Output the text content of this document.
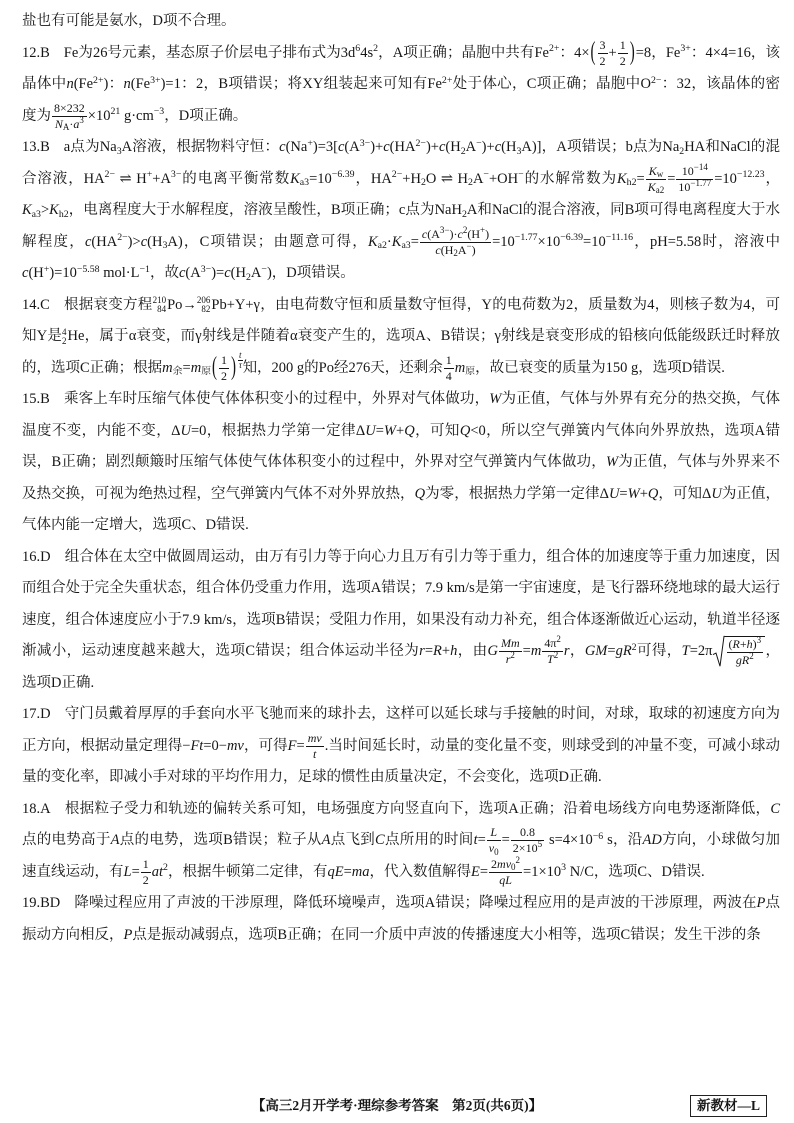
盐也有可能是氨水，D项不合理。

12.B Fe为26号元素，基态原子价层电子排布式为$3d^64s^2$，A项正确；晶胞中共有$Fe^{2+}$：$4\times( \frac{3}{2} + \frac{1}{2} )=8$，$Fe^{3+}$：4×4=16，该晶体中$n(Fe^{2+})$：$n(Fe^{3+})=1$：2，B项错误；将XY组装起来可知有$Fe^{2+}$处于体心，C项正确；晶胞中$O^{2-}$：32，该晶体的密度为 $\frac{8\times 232}{N_A\cdot a^3} \times 10^{21}$ $g\cdot cm^{-3}$，D项正确。

13.B a点为$Na_3A$溶液，根据物料守恒：$c(Na^+)=3[c(A^{3-})+c(HA^{2-})+c(H_2A^-)+c(H_3A)]$，A项错误；b点为$Na_2HA$和NaCl的混合溶液，$HA^{2-}$ ⇌ $H^++A^{3-}$的电离平衡常数$K_{a3}=10^{-6.39}$，$HA^{2-}+H_2O$ ⇌ $H_2A^-+OH^-$的水解常数为$K_{h2}= \frac{K_w}{K_{a2}} = \frac{10^{-14}}{10^{-1.77}} =10^{-12.23}$，$K_{a3}>K_{h2}$，电离程度大于水解程度，溶液呈酸性，B项正确；c点为NaH$_2$A和NaCl的混合溶液，同B项可得电离程度大于水解程度，$c(HA^{2-})>c(H_3A)$，C项错误；由题意可得，$K_{a2}\cdot K_{a3}= \frac{c(A^{3-})\cdot c^2(H^+)}{c(H_2A^-)} =10^{-1.77}\times 10^{-6.39}=10^{-11.16}$，pH=5.58时，溶液中$c(H^+)=10^{-5.58}$ $mol\cdot L^{-1}$，故$c(A^{3-})=c(H_2A^-)$，D项错误。

14.C 根据衰变方程 210
84 Po → 206
82 Pb +Y+γ，由电荷数守恒和质量数守恒得，Y的电荷数为2，质量数为4，则核子数为4，可知Y是 4
2 He ，属于α衰变，而γ射线是伴随着α衰变产生的，选项A、B错误；γ射线是衰变形成的铅核向低能级跃迁时释放的，选项C正确；根据$m_余=m_原( \frac{1}{2}$ ) $\frac{t}{\tau}$ 知，200 g的Po经276天，还剩余 $\frac{1}{4} m_原$，故已衰变的质量为150 g，选项D错误.

15.B 乘客上车时压缩气体使气体体积变小的过程中，外界对气体做功，W为正值，气体与外界有充分的热交换，气体温度不变，内能不变，ΔU=0，根据热力学第一定律ΔU=W+Q，可知Q<0，所以空气弹簧内气体向外界放热，选项A错误，B正确；剧烈颠簸时压缩气体使气体体积变小的过程中，外界对空气弹簧内气体做功，W为正值，气体与外界来不及热交换，可视为绝热过程，空气弹簧内气体不对外界放热，Q为零，根据热力学第一定律ΔU=W+Q，可知ΔU为正值，气体内能一定增大，选项C、D错误.

16.D 组合体在太空中做圆周运动，由万有引力等于向心力且万有引力等于重力，组合体的加速度等于重力加速度，因而组合处于完全失重状态，组合体仍受重力作用，选项A错误；7.9 km/s是第一宇宙速度，是飞行器环绕地球的最大运行速度，组合体速度应小于7.9 km/s，选项B错误；受阻力作用，如果没有动力补充，组合体逐渐做近心运动，轨道半径逐渐减小，运动速度越来越大，选项C错误；组合体运动半径为r=R+h，由G $\frac{Mm}{r^2} =m \frac{4\pi^2}{T^2}$ r，$GM=gR^2$可得，$T=2\pi \frac{(R+h)^3}{gR^2}$ ，选项D正确.

17.D 守门员戴着厚厚的手套向水平飞驰而来的球扑去，这样可以延长球与手接触的时间，对球，取球的初速度方向为正方向，根据动量定理得−Ft=0−mv，可得$F= \frac{mv}{t}$ .当时间延长时，动量的变化量不变，则球受到的冲量不变，可减小球动量的变化率，即减小手对球的平均作用力，足球的惯性由质量决定，不会变化，选项D正确.

18.A 根据粒子受力和轨迹的偏转关系可知，电场强度方向竖直向下，选项A正确；沿着电场线方向电势逐渐降低，C点的电势高于A点的电势，选项B错误；粒子从A点飞到C点所用的时间$t= \frac{L}{v_0} = \frac{0.8}{2\times 10^5} s=4\times 10^{-6}$ s，沿AD方向，小球做匀加速直线运动，有$L= \frac{1}{2} at^2$，根据牛顿第二定律，有qE=ma，代入数值解得$E= \frac{2mv_0^2}{qL} =1\times 10^3$ N/C，选项C、D错误.

19.BD 降噪过程应用了声波的干涉原理，降低环境噪声，选项A错误；降噪过程应用的是声波的干涉原理，两波在P点振动方向相反，P点是振动减弱点，选项B正确；在同一介质中声波的传播速度大小相等，选项C错误；发生干涉的条

【高三2月开学考·理综参考答案　第2页(共6页)】	新教材—L
